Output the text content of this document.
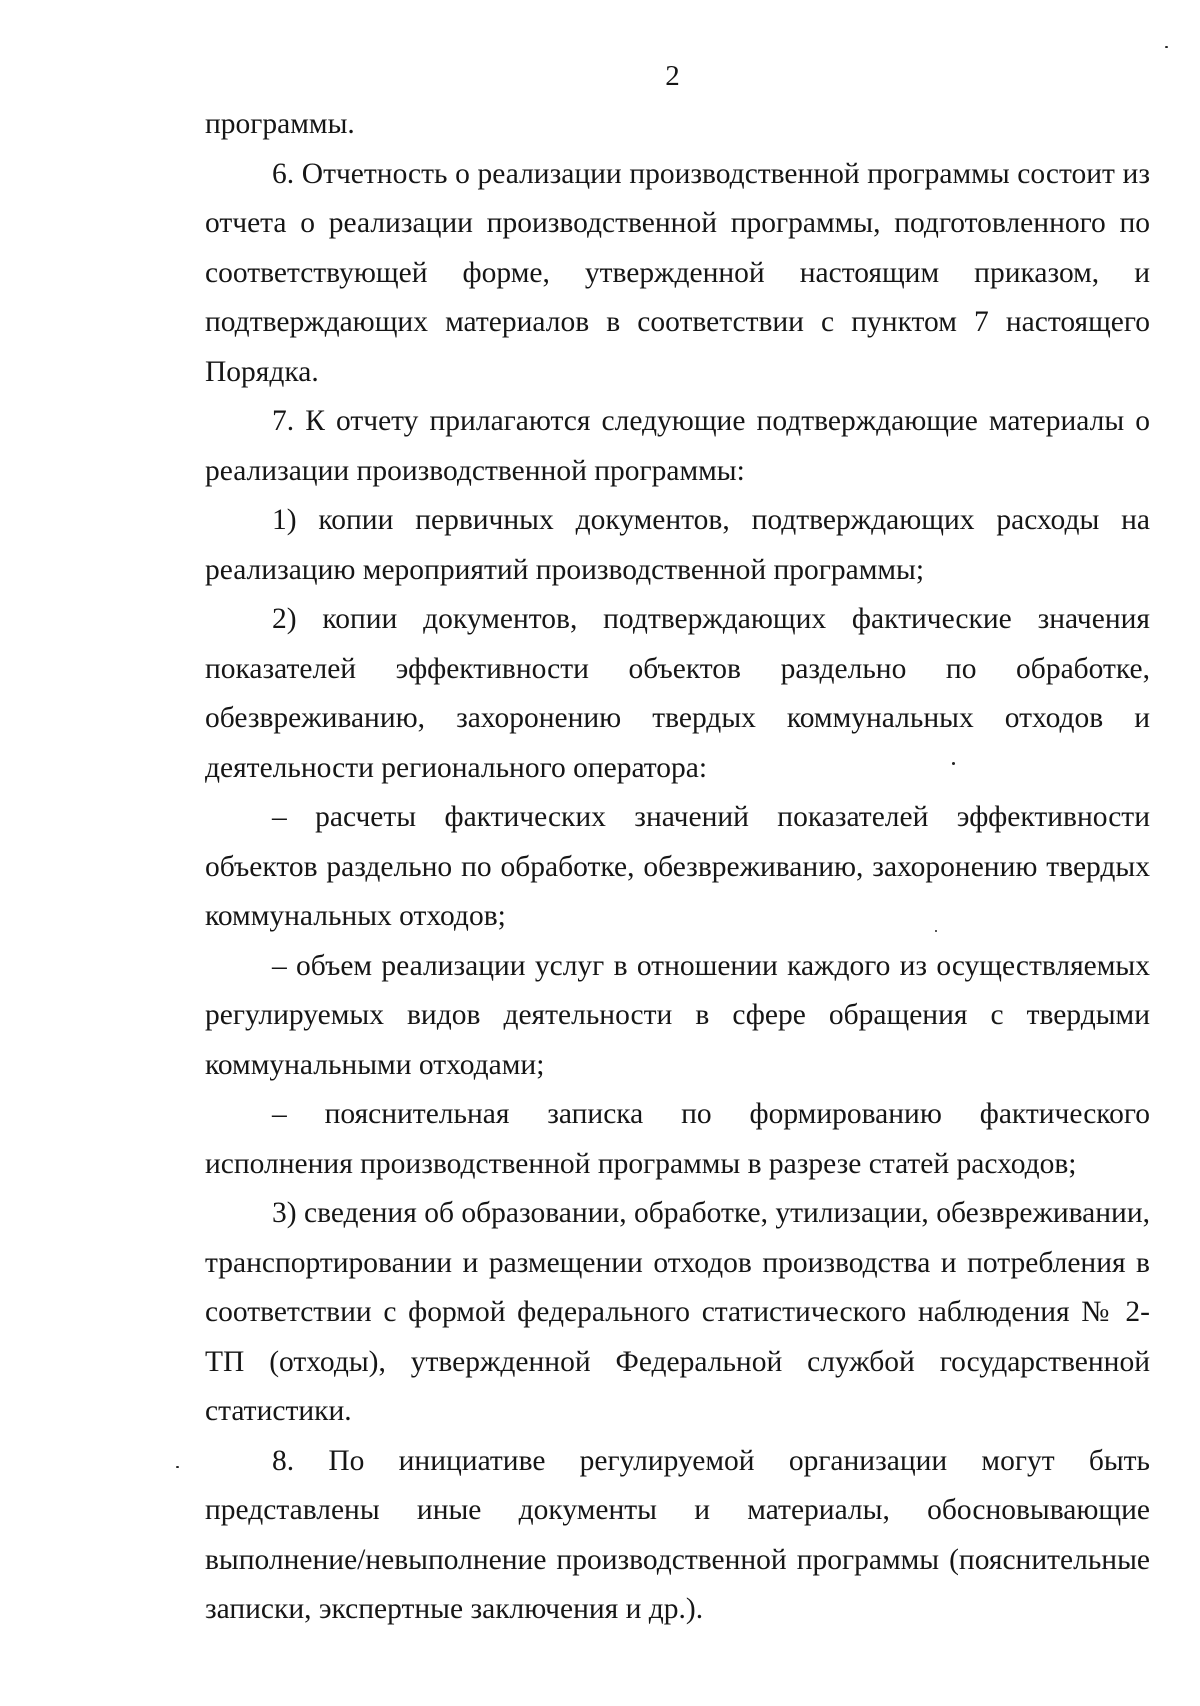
2

программы.

6. Отчетность о реализации производственной программы состоит из отчета о реализации производственной программы, подготовленного по соответствующей форме, утвержденной настоящим приказом, и подтверждающих материалов в соответствии с пунктом 7 настоящего Порядка.

7. К отчету прилагаются следующие подтверждающие материалы о реализации производственной программы:

1) копии первичных документов, подтверждающих расходы на реализацию мероприятий производственной программы;

2) копии документов, подтверждающих фактические значения показателей эффективности объектов раздельно по обработке, обезвреживанию, захоронению твердых коммунальных отходов и деятельности регионального оператора:

– расчеты фактических значений показателей эффективности объектов раздельно по обработке, обезвреживанию, захоронению твердых коммунальных отходов;

– объем реализации услуг в отношении каждого из осуществляемых регулируемых видов деятельности в сфере обращения с твердыми коммунальными отходами;

– пояснительная записка по формированию фактического исполнения производственной программы в разрезе статей расходов;

3) сведения об образовании, обработке, утилизации, обезвреживании, транспортировании и размещении отходов производства и потребления в соответствии с формой федерального статистического наблюдения № 2-ТП (отходы), утвержденной Федеральной службой государственной статистики.

8. По инициативе регулируемой организации могут быть представлены иные документы и материалы, обосновывающие выполнение/невыполнение производственной программы (пояснительные записки, экспертные заключения и др.).
